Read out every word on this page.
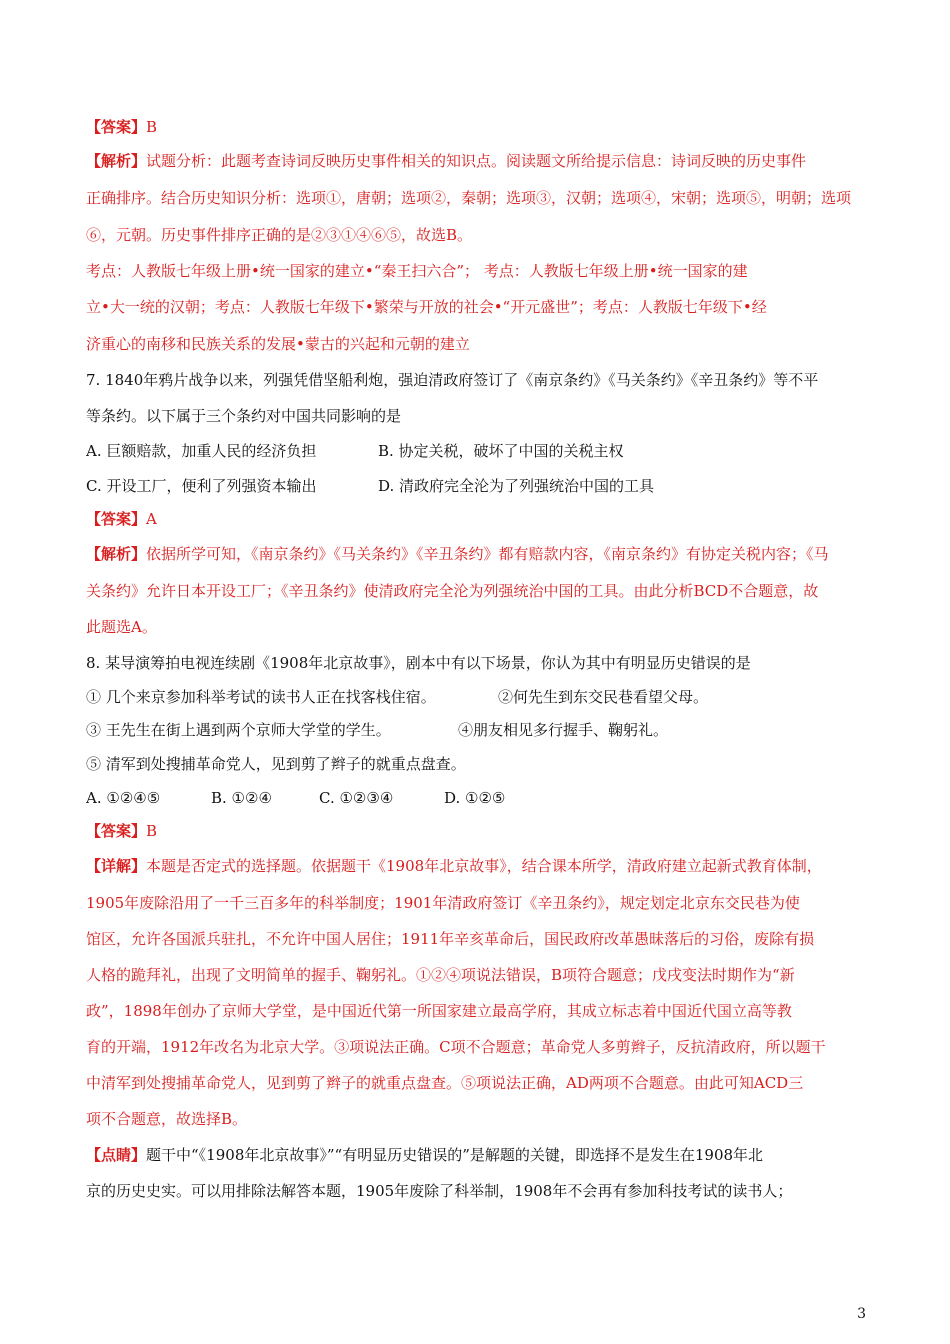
【答案】B
【解析】试题分析：此题考查诗词反映历史事件相关的知识点。阅读题文所给提示信息：诗词反映的历史事件
正确排序。结合历史知识分析：选项①，唐朝；选项②，秦朝；选项③，汉朝；选项④，宋朝；选项⑤，明朝；选项
⑥，元朝。历史事件排序正确的是②③①④⑥⑤，故选B。
考点：人教版七年级上册•统一国家的建立•“秦王扫六合”； 考点：人教版七年级上册•统一国家的建
立•大一统的汉朝；考点：人教版七年级下•繁荣与开放的社会•“开元盛世”；考点：人教版七年级下•经
济重心的南移和民族关系的发展•蒙古的兴起和元朝的建立
7. 1840年鸦片战争以来，列强凭借坚船利炮，强迫清政府签订了《南京条约》《马关条约》《辛丑条约》等不平
等条约。以下属于三个条约对中国共同影响的是
A. 巨额赔款，加重人民的经济负担	B. 协定关税，破坏了中国的关税主权
C. 开设工厂，便利了列强资本输出	D. 清政府完全沦为了列强统治中国的工具
【答案】A
【解析】依据所学可知，《南京条约》《马关条约》《辛丑条约》都有赔款内容，《南京条约》有协定关税内容；《马
关条约》允许日本开设工厂；《辛丑条约》使清政府完全沦为列强统治中国的工具。由此分析BCD不合题意，故
此题选A。
8. 某导演筹拍电视连续剧《1908年北京故事》，剧本中有以下场景，你认为其中有明显历史错误的是
① 几个来京参加科举考试的读书人正在找客栈住宿。	②何先生到东交民巷看望父母。
③ 王先生在街上遇到两个京师大学堂的学生。	④朋友相见多行握手、鞠躬礼。
⑤ 清军到处搜捕革命党人，见到剪了辫子的就重点盘查。
A. ①②④⑤	B. ①②④	C. ①②③④	D. ①②⑤
【答案】B
【详解】本题是否定式的选择题。依据题干《1908年北京故事》，结合课本所学，清政府建立起新式教育体制，
1905年废除沿用了一千三百多年的科举制度；1901年清政府签订《辛丑条约》，规定划定北京东交民巷为使
馆区，允许各国派兵驻扎，不允许中国人居住；1911年辛亥革命后，国民政府改革愚昧落后的习俗，废除有损
人格的跪拜礼，出现了文明简单的握手、鞠躬礼。①②④项说法错误，B项符合题意；戊戌变法时期作为“新
政”，1898年创办了京师大学堂，是中国近代第一所国家建立最高学府，其成立标志着中国近代国立高等教
育的开端，1912年改名为北京大学。③项说法正确。C项不合题意；革命党人多剪辫子，反抗清政府，所以题干
中清军到处搜捕革命党人，见到剪了辫子的就重点盘查。⑤项说法正确，AD两项不合题意。由此可知ACD三
项不合题意，故选择B。
【点睛】题干中“《1908年北京故事》”“有明显历史错误的”是解题的关键，即选择不是发生在1908年北
京的历史史实。可以用排除法解答本题，1905年废除了科举制，1908年不会再有参加科技考试的读书人；
3
